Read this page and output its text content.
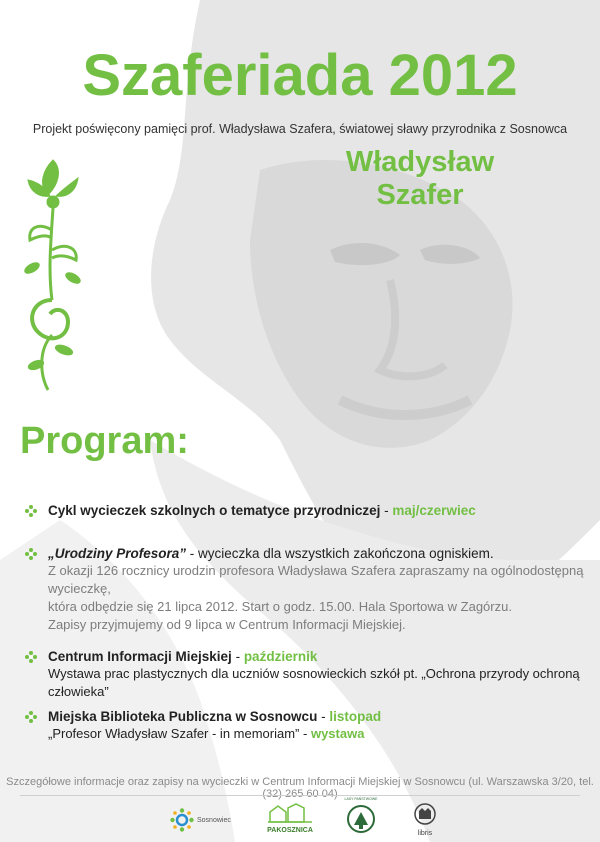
Szaferiada 2012
Projekt poświęcony pamięci prof. Władysława Szafera, światowej sławy przyrodnika z Sosnowca
Władysław Szafer
Program:
Cykl wycieczek szkolnych o tematyce przyrodniczej - maj/czerwiec
„Urodziny Profesora” - wycieczka dla wszystkich zakończona ogniskiem.
Z okazji 126 rocznicy urodzin profesora Władysława Szafera zapraszamy na ogólnodostępną wycieczkę,
która odbędzie się 21 lipca 2012. Start o godz. 15.00. Hala Sportowa w Zagórzu.
Zapisy przyjmujemy od 9 lipca w Centrum Informacji Miejskiej.
Centrum Informacji Miejskiej - październik
Wystawa prac plastycznych dla uczniów sosnowieckich szkół pt. „Ochrona przyrody ochroną człowieka”
Miejska Biblioteka Publiczna w Sosnowcu - listopad
„Profesor Władysław Szafer - in memoriam” - wystawa
Szczegółowe informacje oraz zapisy na wycieczki w Centrum Informacji Miejskiej w Sosnowcu (ul. Warszawska 3/20, tel. (32) 265 60 04)
Sosnowiec
PAKOSZNICA
LASY PAŃSTWOWE
libris
